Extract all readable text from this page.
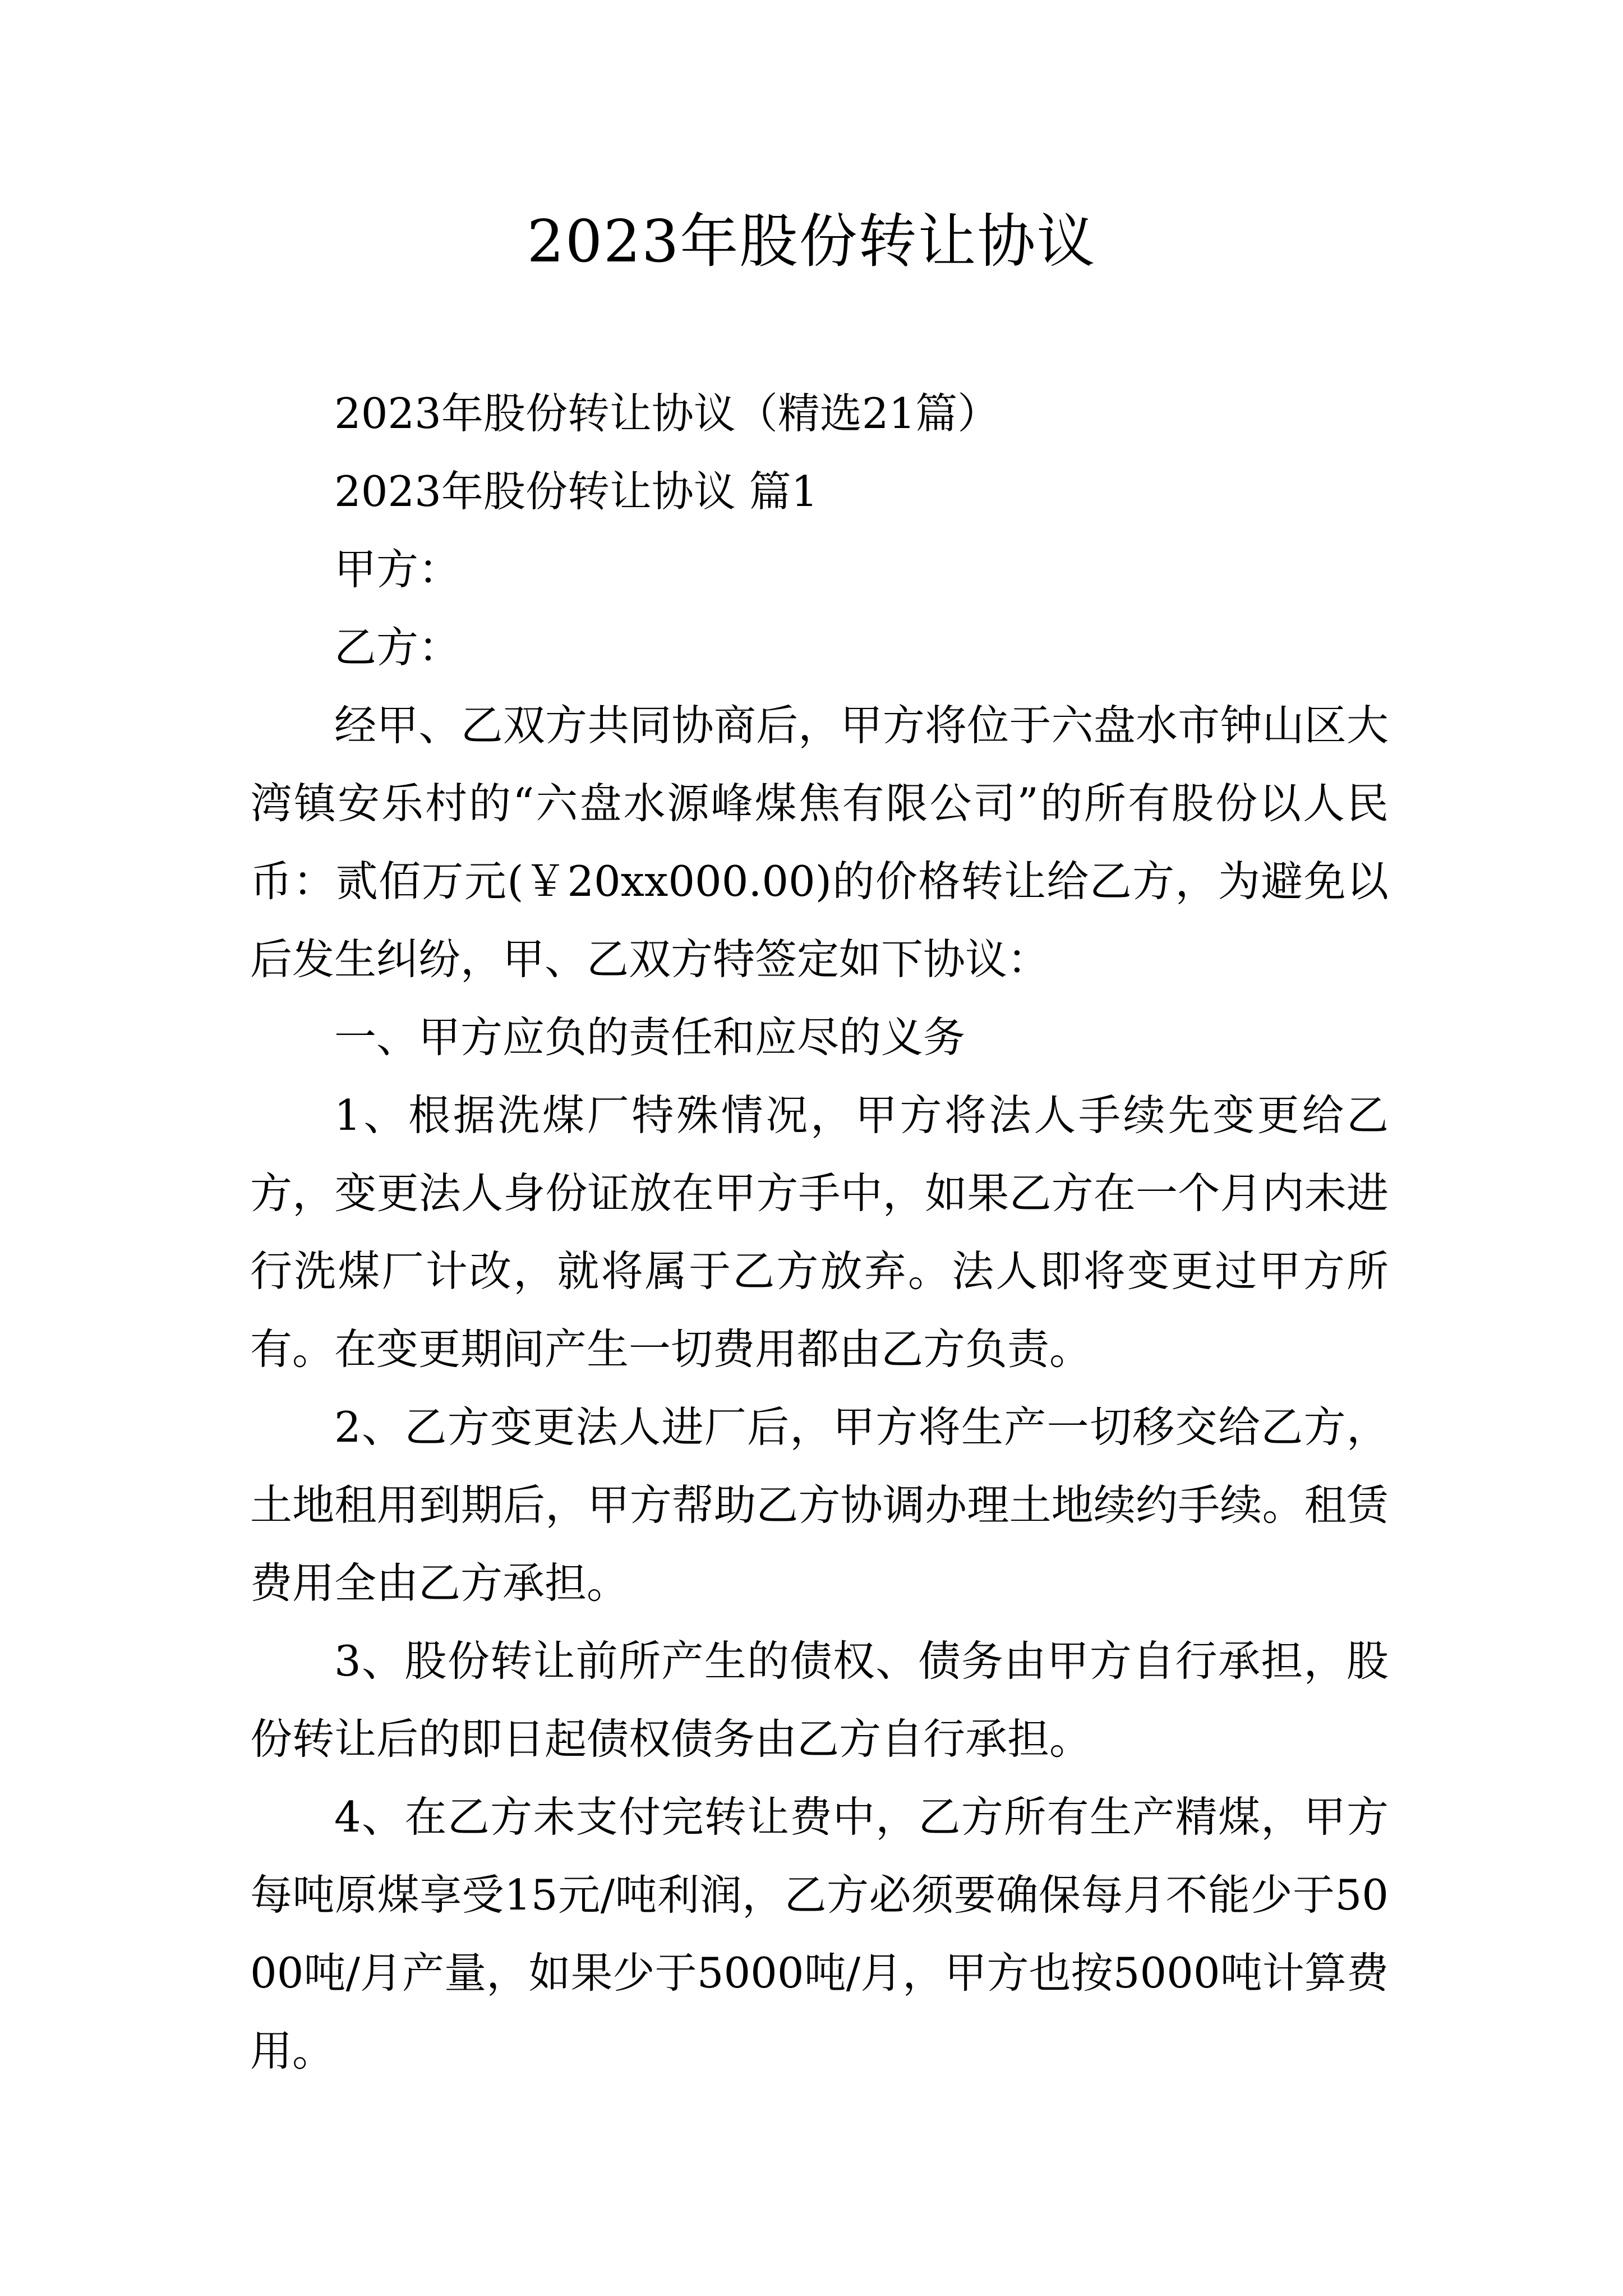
2023年股份转让协议

2023年股份转让协议（精选21篇）

2023年股份转让协议 篇1

甲方：

乙方：

经甲、乙双方共同协商后，甲方将位于六盘水市钟山区大湾镇安乐村的“六盘水源峰煤焦有限公司”的所有股份以人民币：贰佰万元(￥20xx000.00)的价格转让给乙方，为避免以后发生纠纷，甲、乙双方特签定如下协议：

一、甲方应负的责任和应尽的义务

1、根据洗煤厂特殊情况，甲方将法人手续先变更给乙方，变更法人身份证放在甲方手中，如果乙方在一个月内未进行洗煤厂计改，就将属于乙方放弃。法人即将变更过甲方所有。在变更期间产生一切费用都由乙方负责。

2、乙方变更法人进厂后，甲方将生产一切移交给乙方，土地租用到期后，甲方帮助乙方协调办理土地续约手续。租赁费用全由乙方承担。

3、股份转让前所产生的债权、债务由甲方自行承担，股份转让后的即日起债权债务由乙方自行承担。

4、在乙方未支付完转让费中，乙方所有生产精煤，甲方每吨原煤享受15元/吨利润，乙方必须要确保每月不能少于5000吨/月产量，如果少于5000吨/月，甲方也按5000吨计算费用。
